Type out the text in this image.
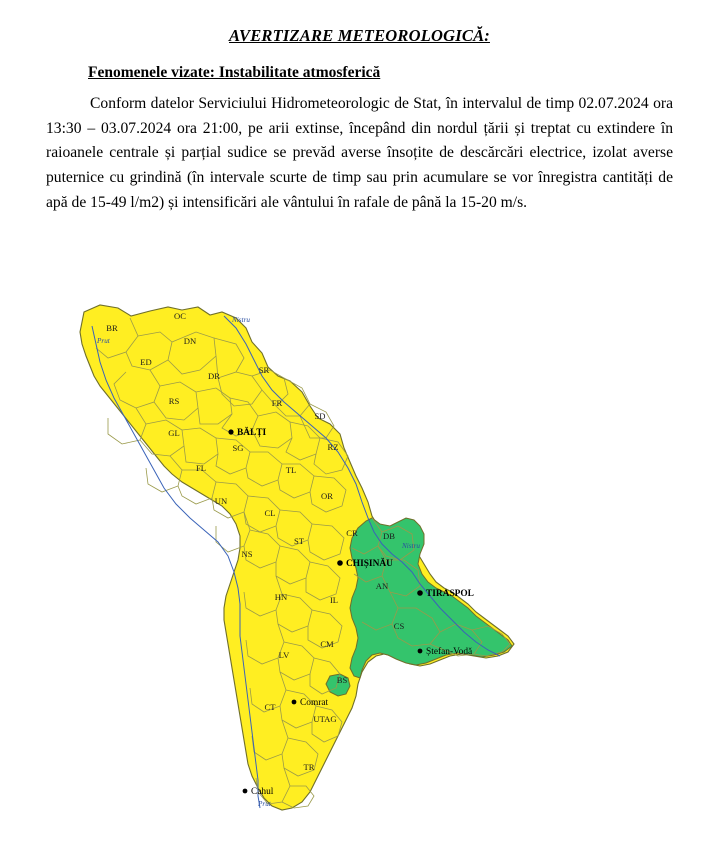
AVERTIZARE METEOROLOGICĂ:
Fenomenele vizate: Instabilitate atmosferică
Conform datelor Serviciului Hidrometeorologic de Stat, în intervalul de timp 02.07.2024 ora 13:30 – 03.07.2024 ora 21:00, pe arii extinse, începând din nordul țării și treptat cu extindere în raioanele centrale și parțial sudice se prevăd averse însoțite de descărcări electrice, izolat averse puternice cu grindină (în intervale scurte de timp sau prin acumulare se vor înregistra cantități de apă de 15-49 l/m2) și intensificări ale vântului în rafale de până la 15-20 m/s.
BR
OC
DN
ED
DR
SR
RS	FR
SD
GL
SG	RZ
FL	TL
UN	OR
CL
CR	DB
NS
ST
AN
HN	IL
CS
CM
LV
BS
CT
UTAG
TR
BĂLȚI
CHIȘINĂU
TIRASPOL
Ștefan-Vodă
Comrat
Cahul
Nistru
Prut
Nistru
Prut
